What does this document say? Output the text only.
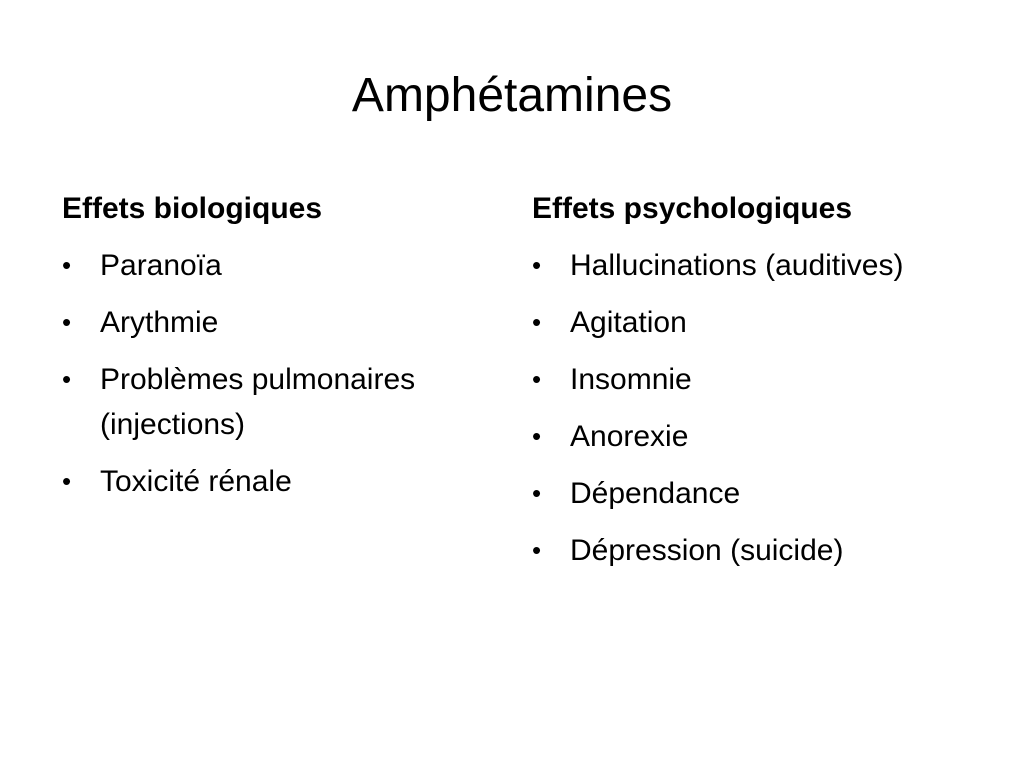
Amphétamines
Effets biologiques
• Paranoïa
• Arythmie
• Problèmes pulmonaires (injections)
• Toxicité rénale
Effets psychologiques
• Hallucinations (auditives)
• Agitation
• Insomnie
• Anorexie
• Dépendance
• Dépression (suicide)
